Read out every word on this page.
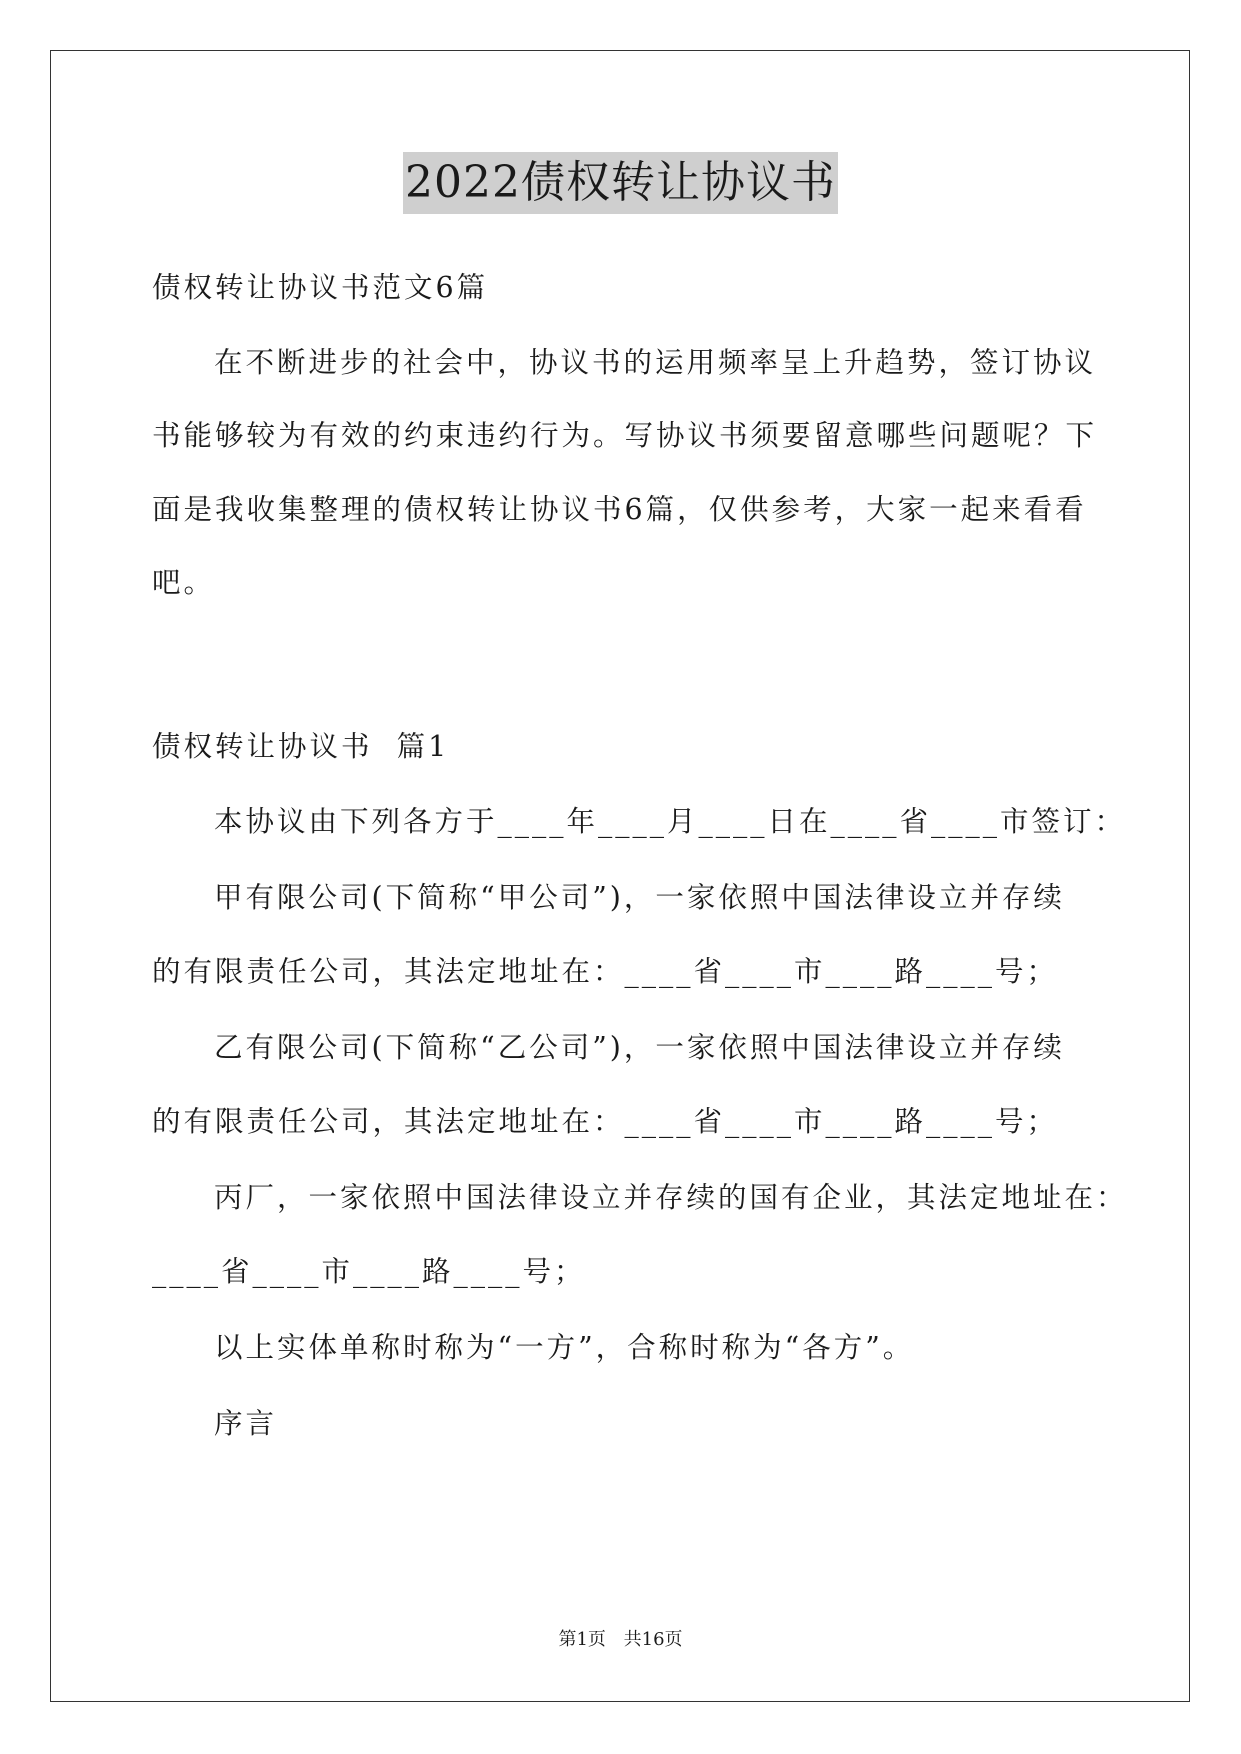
2022债权转让协议书
债权转让协议书范文6篇
在不断进步的社会中，协议书的运用频率呈上升趋势，签订协议
书能够较为有效的约束违约行为。写协议书须要留意哪些问题呢？下
面是我收集整理的债权转让协议书6篇，仅供参考，大家一起来看看
吧。
债权转让协议书  篇1
本协议由下列各方于____年____月____日在____省____市签订：
甲有限公司(下简称“甲公司”)，一家依照中国法律设立并存续
的有限责任公司，其法定地址在：____省____市____路____号；
乙有限公司(下简称“乙公司”)，一家依照中国法律设立并存续
的有限责任公司，其法定地址在：____省____市____路____号；
丙厂，一家依照中国法律设立并存续的国有企业，其法定地址在：
____省____市____路____号；
以上实体单称时称为“一方”，合称时称为“各方”。
序言
第1页 共16页
